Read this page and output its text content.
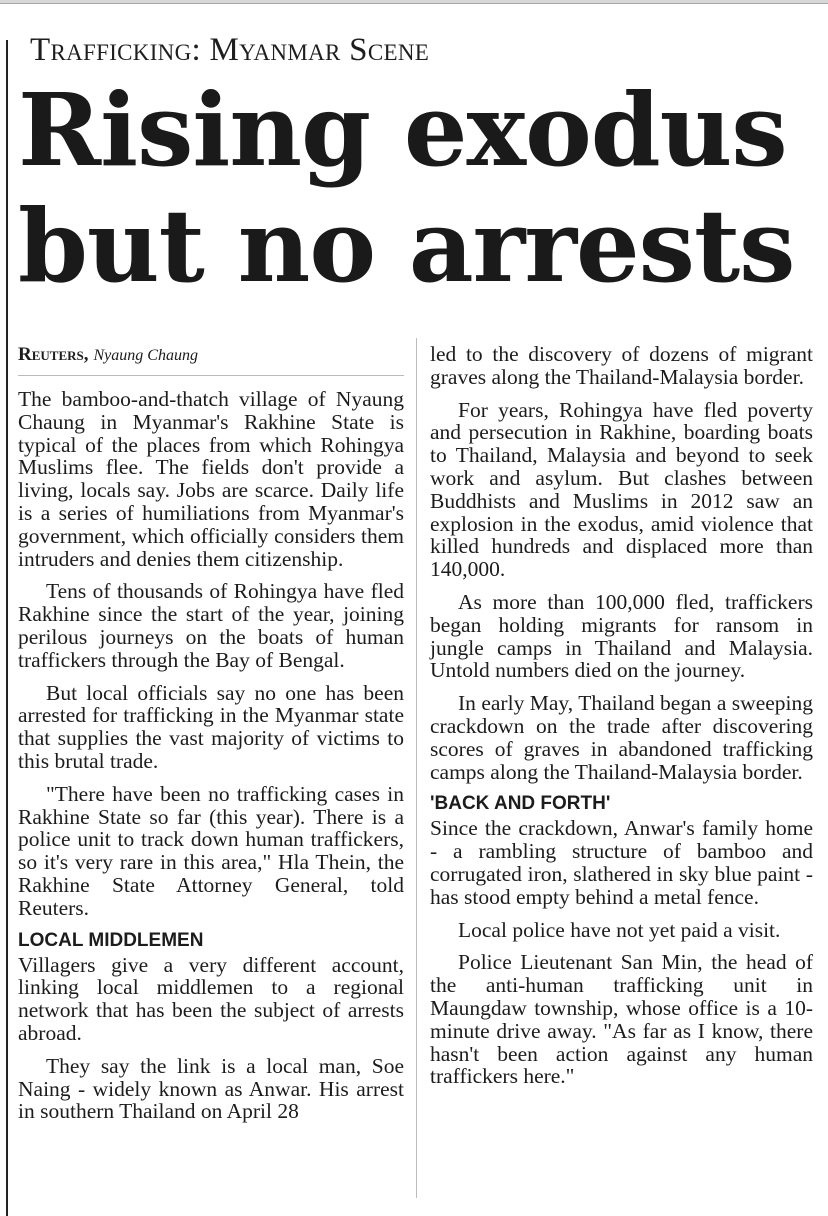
Trafficking: Myanmar Scene
Rising exodus
but no arrests
Reuters, Nyaung Chaung

The bamboo-and-thatch village of Nyaung Chaung in Myanmar's Rakhine State is typical of the places from which Rohingya Muslims flee. The fields don't provide a living, locals say. Jobs are scarce. Daily life is a series of humiliations from Myanmar's government, which officially considers them intruders and denies them citizenship.

Tens of thousands of Rohingya have fled Rakhine since the start of the year, joining perilous journeys on the boats of human traffickers through the Bay of Bengal.

But local officials say no one has been arrested for trafficking in the Myanmar state that supplies the vast majority of victims to this brutal trade.

"There have been no trafficking cases in Rakhine State so far (this year). There is a police unit to track down human traffickers, so it's very rare in this area," Hla Thein, the Rakhine State Attorney General, told Reuters.

LOCAL MIDDLEMEN

Villagers give a very different account, linking local middlemen to a regional network that has been the subject of arrests abroad.

They say the link is a local man, Soe Naing - widely known as Anwar. His arrest in southern Thailand on April 28

led to the discovery of dozens of migrant graves along the Thailand-Malaysia border.

For years, Rohingya have fled poverty and persecution in Rakhine, boarding boats to Thailand, Malaysia and beyond to seek work and asylum. But clashes between Buddhists and Muslims in 2012 saw an explosion in the exodus, amid violence that killed hundreds and displaced more than 140,000.

As more than 100,000 fled, traffickers began holding migrants for ransom in jungle camps in Thailand and Malaysia. Untold numbers died on the journey.

In early May, Thailand began a sweeping crackdown on the trade after discovering scores of graves in abandoned trafficking camps along the Thailand-Malaysia border.

'BACK AND FORTH'

Since the crackdown, Anwar's family home - a rambling structure of bamboo and corrugated iron, slathered in sky blue paint - has stood empty behind a metal fence.

Local police have not yet paid a visit.

Police Lieutenant San Min, the head of the anti-human trafficking unit in Maungdaw township, whose office is a 10-minute drive away. "As far as I know, there hasn't been action against any human traffickers here."
